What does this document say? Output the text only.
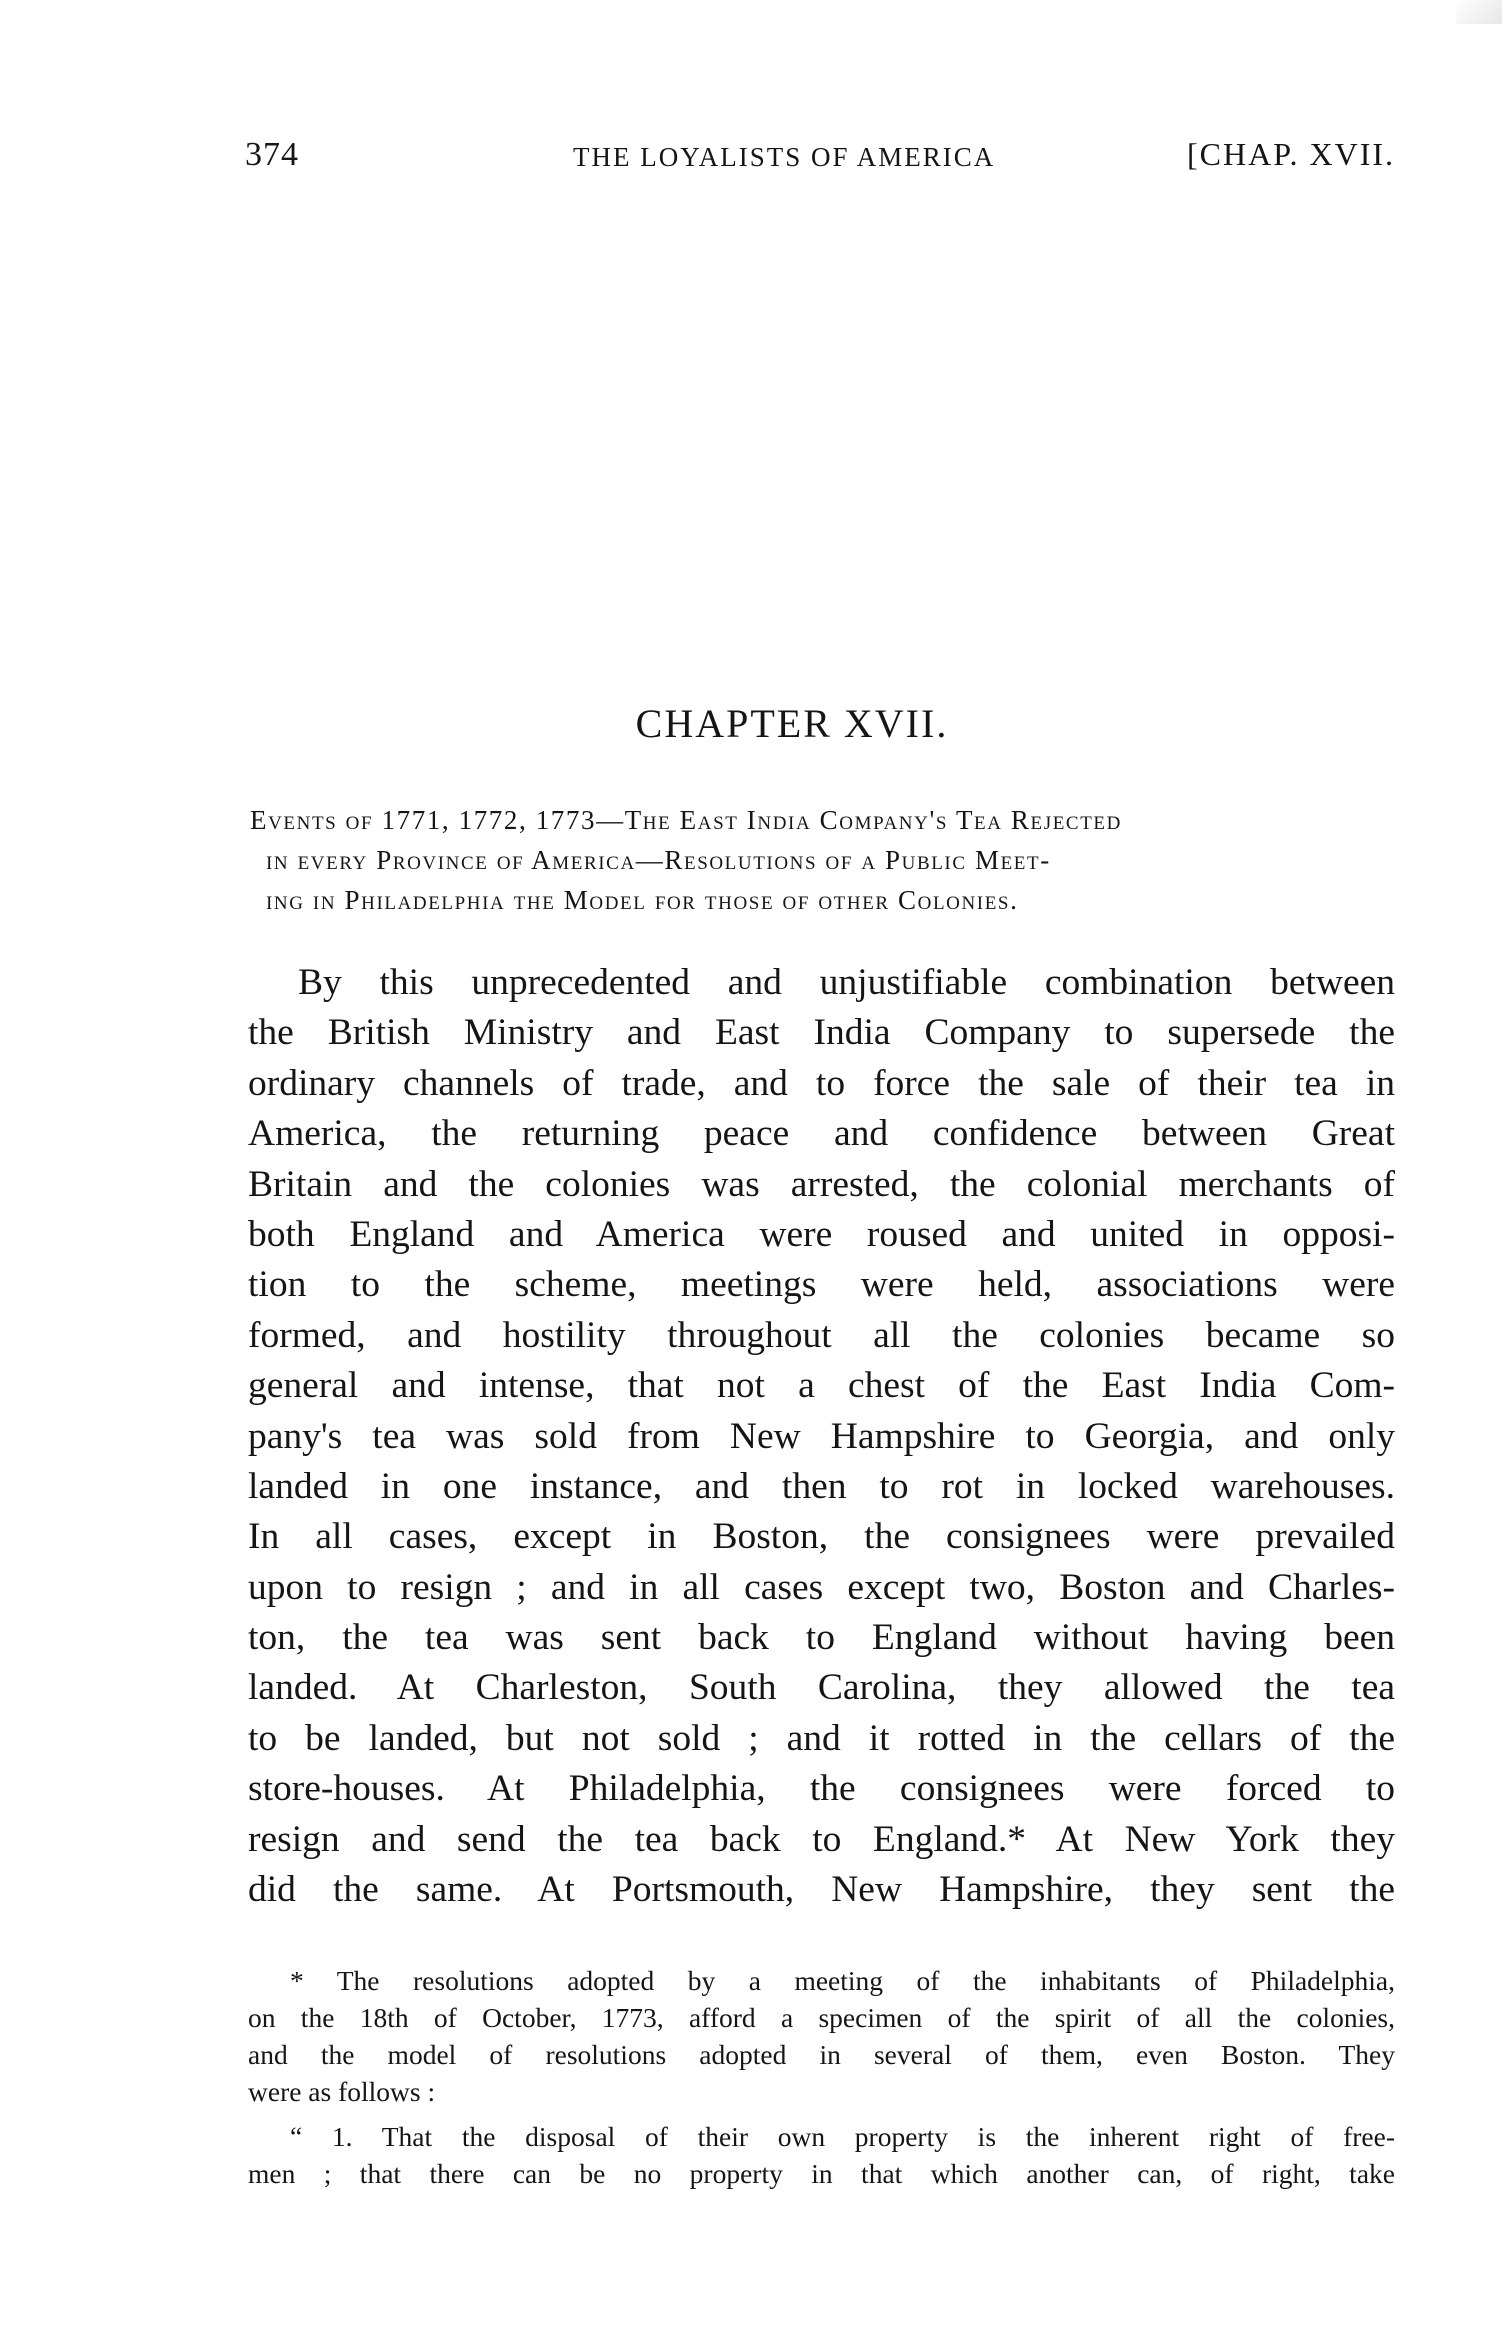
374	THE LOYALISTS OF AMERICA	[CHAP. XVII.
CHAPTER XVII.
Events of 1771, 1772, 1773—The East India Company's Tea Rejected
in every Province of America—Resolutions of a Public Meet-
ing in Philadelphia the Model for those of other Colonies.
By this unprecedented and unjustifiable combination between
the British Ministry and East India Company to supersede the
ordinary channels of trade, and to force the sale of their tea in
America, the returning peace and confidence between Great
Britain and the colonies was arrested, the colonial merchants of
both England and America were roused and united in opposi-
tion to the scheme, meetings were held, associations were
formed, and hostility throughout all the colonies became so
general and intense, that not a chest of the East India Com-
pany's tea was sold from New Hampshire to Georgia, and only
landed in one instance, and then to rot in locked warehouses.
In all cases, except in Boston, the consignees were prevailed
upon to resign ; and in all cases except two, Boston and Charles-
ton, the tea was sent back to England without having been
landed. At Charleston, South Carolina, they allowed the tea
to be landed, but not sold ; and it rotted in the cellars of the
store-houses. At Philadelphia, the consignees were forced to
resign and send the tea back to England.* At New York they
did the same. At Portsmouth, New Hampshire, they sent the
* The resolutions adopted by a meeting of the inhabitants of Philadelphia,
on the 18th of October, 1773, afford a specimen of the spirit of all the colonies,
and the model of resolutions adopted in several of them, even Boston. They
were as follows :
“ 1. That the disposal of their own property is the inherent right of free-
men ; that there can be no property in that which another can, of right, take
